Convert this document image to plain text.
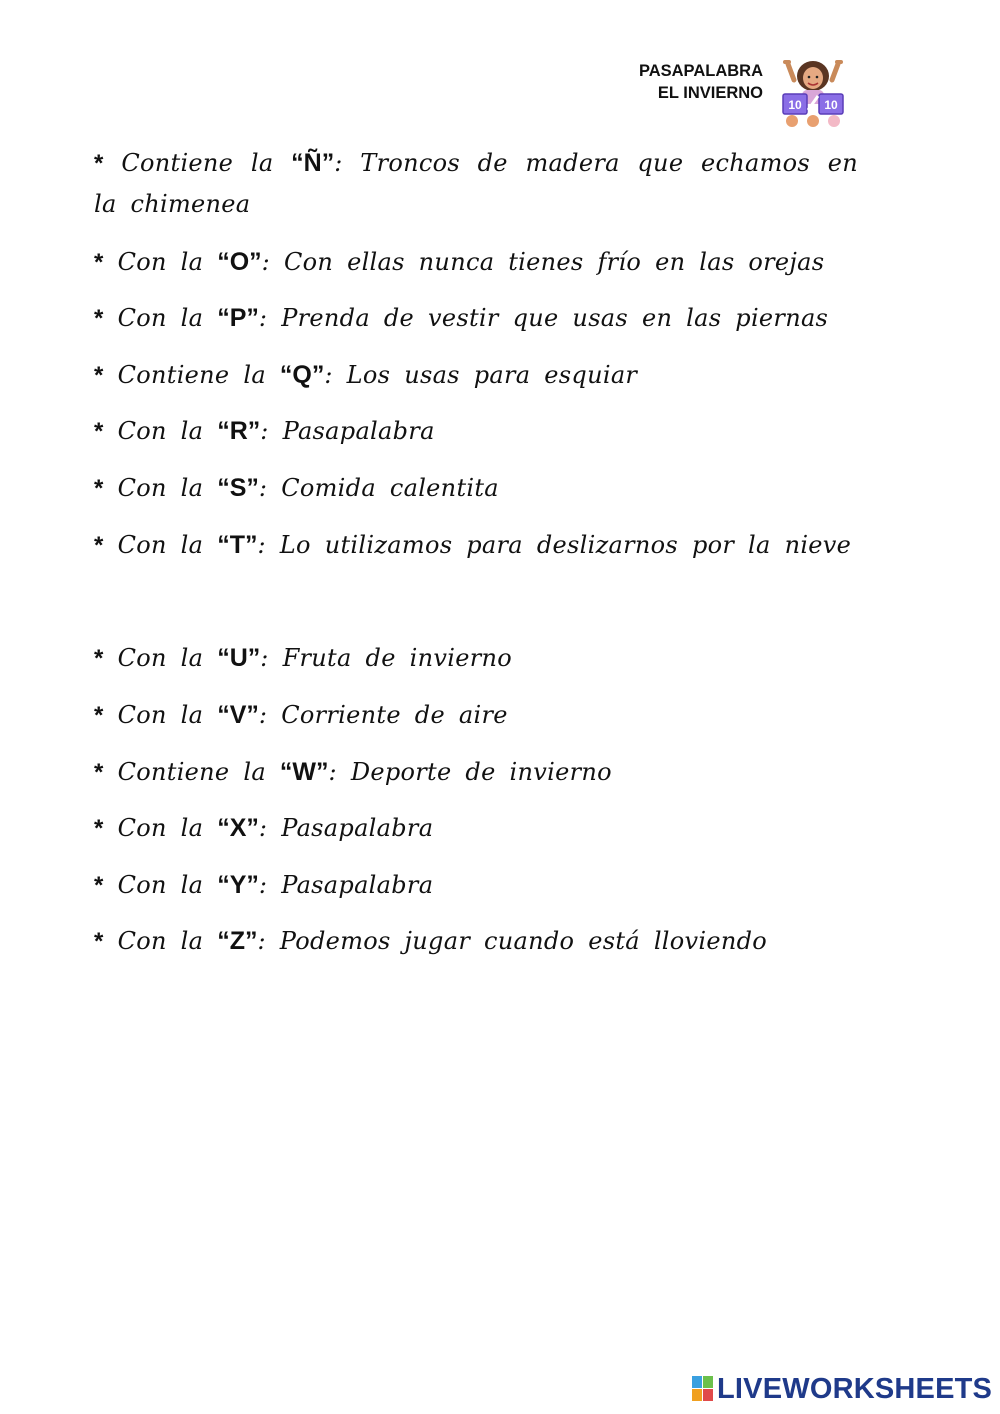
PASAPALABRA
EL INVIERNO
10 10
* Contiene la “Ñ”: Troncos de madera que echamos en la chimenea
* Con la “O”: Con ellas nunca tienes frío en las orejas
* Con la “P”: Prenda de vestir que usas en las piernas
* Contiene la “Q”: Los usas para esquiar
* Con la “R”: Pasapalabra
* Con la “S”: Comida calentita
* Con la “T”: Lo utilizamos para deslizarnos por la nieve
* Con la “U”: Fruta de invierno
* Con la “V”: Corriente de aire
* Contiene la “W”: Deporte de invierno
* Con la “X”: Pasapalabra
* Con la “Y”: Pasapalabra
* Con la “Z”: Podemos jugar cuando está lloviendo
LIVEWORKSHEETS
